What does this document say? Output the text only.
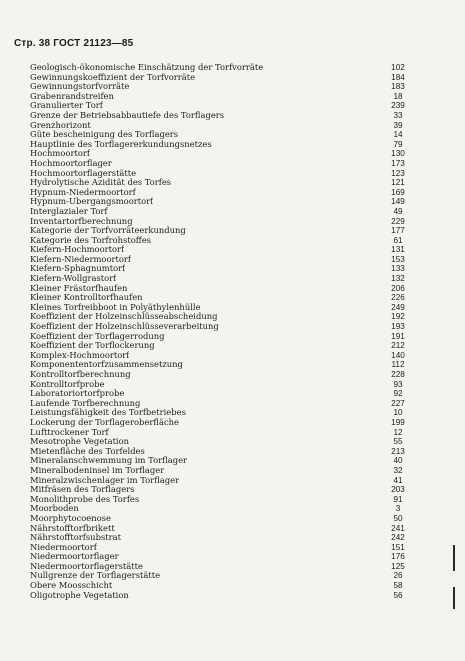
Стр. 38 ГОСТ 21123—85
Geologisch-ökonomische Einschätzung der Torfvorräte	102
Gewinnungskoeffizient der Torfvorräte	184
Gewinnungstorfvorräte	183
Grabenrandstreifen	18
Granulierter Torf	239
Grenze der Betriebsabbautiefe des Torflagers	33
Grenzhorizont	39
Güte bescheinigung des Torflagers	14
Hauptlinie des Torflagererkundungsnetzes	79
Hochmoortorf	130
Hochmoortorflager	173
Hochmoortorflagerstätte	123
Hydrolytische Azidität des Torfes	121
Hypnum-Niedermoortorf	169
Hypnum-Übergangsmoortorf	149
Interglazialer Torf	49
Inventartorfberechnung	229
Kategorie der Torfvorräteerkundung	177
Kategorie des Torfrohstoffes	61
Kiefern-Hochmoortorf	131
Kiefern-Niedermoortorf	153
Kiefern-Sphagnumtorf	133
Kiefern-Wollgrastorf	132
Kleiner Frästorfhaufen	206
Kleiner Kontrolltorfhaufen	226
Kleines Torfreibboot in Polyäthylenhülle	249
Koeffizient der Holzeinschlüsseabscheidung	192
Koeffizient der Holzeinschlüsseverarbeitung	193
Koeffizient der Torflagerrodung	191
Koeffizient der Torflockerung	212
Komplex-Hochmoortorf	140
Komponententorfzusammensetzung	112
Kontrolltorfberechnung	228
Kontrolltorfprobe	93
Laboratoriortorfprobe	92
Laufende Torfberechnung	227
Leistungsfähigkeit des Torfbetriebes	10
Lockerung der Torflageroberfläche	199
Lufttrockener Torf	12
Mesotrophe Vegetation	55
Mietenfläche des Torfeldes	213
Mineralanschwemmung im Torflager	40
Mineralbodeninsel im Torflager	32
Mineralzwischenlager im Torflager	41
Mitfräsen des Torflagers	203
Monolithprobe des Torfes	91
Moorboden	3
Moorphytocoenose	50
Nährstofftorfbrikett	241
Nährstofftorfsubstrat	242
Niedermoortorf	151
Niedermoortorflager	176
Niedermoortorflagerstätte	125
Nullgrenze der Torflagerstätte	26
Obere Moosschicht	58
Oligotrophe Vegetation	56
